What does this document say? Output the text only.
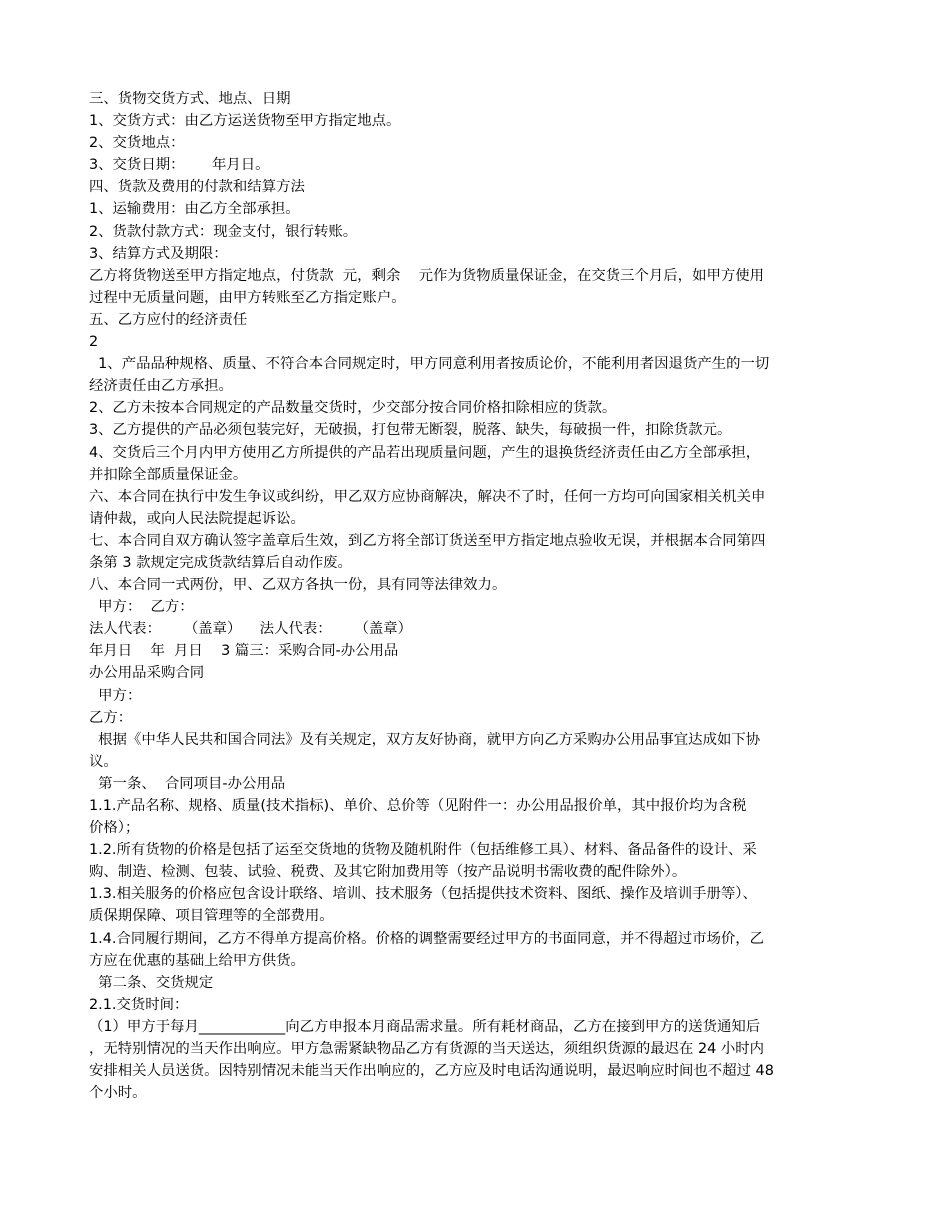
三、货物交货方式、地点、日期
1、交货方式：由乙方运送货物至甲方指定地点。
2、交货地点：
3、交货日期：      年月日。
四、货款及费用的付款和结算方法
1、运输费用：由乙方全部承担。
2、货款付款方式：现金支付，银行转账。
3、结算方式及期限：
乙方将货物送至甲方指定地点，付货款  元，剩余    元作为货物质量保证金，在交货三个月后，如甲方使用
过程中无质量问题，由甲方转账至乙方指定账户。
五、乙方应付的经济责任
2
1、产品品种规格、质量、不符合本合同规定时，甲方同意利用者按质论价，不能利用者因退货产生的一切
经济责任由乙方承担。
2、乙方未按本合同规定的产品数量交货时，少交部分按合同价格扣除相应的货款。
3、乙方提供的产品必须包装完好，无破损，打包带无断裂，脱落、缺失，每破损一件，扣除货款元。
4、交货后三个月内甲方使用乙方所提供的产品若出现质量问题，产生的退换货经济责任由乙方全部承担，
并扣除全部质量保证金。
六、本合同在执行中发生争议或纠纷，甲乙双方应协商解决，解决不了时，任何一方均可向国家相关机关申
请仲裁，或向人民法院提起诉讼。
七、本合同自双方确认签字盖章后生效，到乙方将全部订货送至甲方指定地点验收无误，并根据本合同第四
条第 3 款规定完成货款结算后自动作废。
八、本合同一式两份，甲、乙双方各执一份，具有同等法律效力。
甲方：  乙方：
法人代表：     （盖章）    法人代表：     （盖章）
年月日    年  月日    3 篇三：采购合同-办公用品
办公用品采购合同
甲方：
乙方：
根据《中华人民共和国合同法》及有关规定，双方友好协商，就甲方向乙方采购办公用品事宜达成如下协
议。
第一条、  合同项目-办公用品
1.1.产品名称、规格、质量(技术指标)、单价、总价等（见附件一：办公用品报价单，其中报价均为含税
价格）；
1.2.所有货物的价格是包括了运至交货地的货物及随机附件（包括维修工具）、材料、备品备件的设计、采
购、制造、检测、包装、试验、税费、及其它附加费用等（按产品说明书需收费的配件除外）。
1.3.相关服务的价格应包含设计联络、培训、技术服务（包括提供技术资料、图纸、操作及培训手册等）、
质保期保障、项目管理等的全部费用。
1.4.合同履行期间，乙方不得单方提高价格。价格的调整需要经过甲方的书面同意，并不得超过市场价，乙
方应在优惠的基础上给甲方供货。
第二条、交货规定
2.1.交货时间：
（1）甲方于每月____________向乙方申报本月商品需求量。所有耗材商品，乙方在接到甲方的送货通知后
，无特别情况的当天作出响应。甲方急需紧缺物品乙方有货源的当天送达，须组织货源的最迟在 24 小时内
安排相关人员送货。因特别情况未能当天作出响应的，乙方应及时电话沟通说明，最迟响应时间也不超过 48
个小时。
